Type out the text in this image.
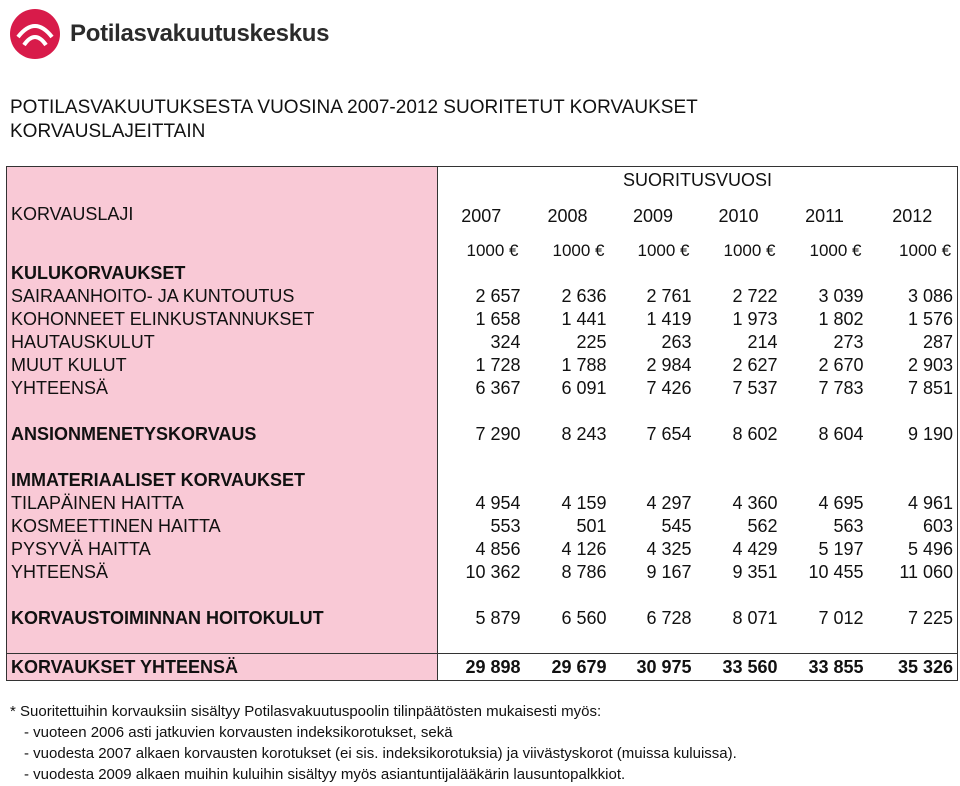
Potilasvakuutuskeskus
POTILASVAKUUTUKSESTA VUOSINA 2007-2012 SUORITETUT KORVAUKSET
KORVAUSLAJEITTAIN
KORVAUSLAJI	SUORITUSVUOSI					
	2007	2008	2009	2010	2011	2012
	1000 €	1000 €	1000 €	1000 €	1000 €	1000 €
KULUKORVAUKSET						
SAIRAANHOITO- JA KUNTOUTUS	2 657	2 636	2 761	2 722	3 039	3 086
KOHONNEET ELINKUSTANNUKSET	1 658	1 441	1 419	1 973	1 802	1 576
HAUTAUSKULUT	324	225	263	214	273	287
MUUT KULUT	1 728	1 788	2 984	2 627	2 670	2 903
YHTEENSÄ	6 367	6 091	7 426	7 537	7 783	7 851

ANSIONMENETYSKORVAUS	7 290	8 243	7 654	8 602	8 604	9 190

IMMATERIAALISET KORVAUKSET						
TILAPÄINEN HAITTA	4 954	4 159	4 297	4 360	4 695	4 961
KOSMEETTINEN HAITTA	553	501	545	562	563	603
PYSYVÄ HAITTA	4 856	4 126	4 325	4 429	5 197	5 496
YHTEENSÄ	10 362	8 786	9 167	9 351	10 455	11 060

KORVAUSTOIMINNAN HOITOKULUT	5 879	6 560	6 728	8 071	7 012	7 225

KORVAUKSET YHTEENSÄ	29 898	29 679	30 975	33 560	33 855	35 326
* Suoritettuihin korvauksiin sisältyy Potilasvakuutuspoolin tilinpäätösten mukaisesti myös:
- vuoteen 2006 asti jatkuvien korvausten indeksikorotukset, sekä
- vuodesta 2007 alkaen korvausten korotukset (ei sis. indeksikorotuksia) ja viivästyskorot (muissa kuluissa).
- vuodesta 2009 alkaen muihin kuluihin sisältyy myös asiantuntijalääkärin lausuntopalkkiot.
